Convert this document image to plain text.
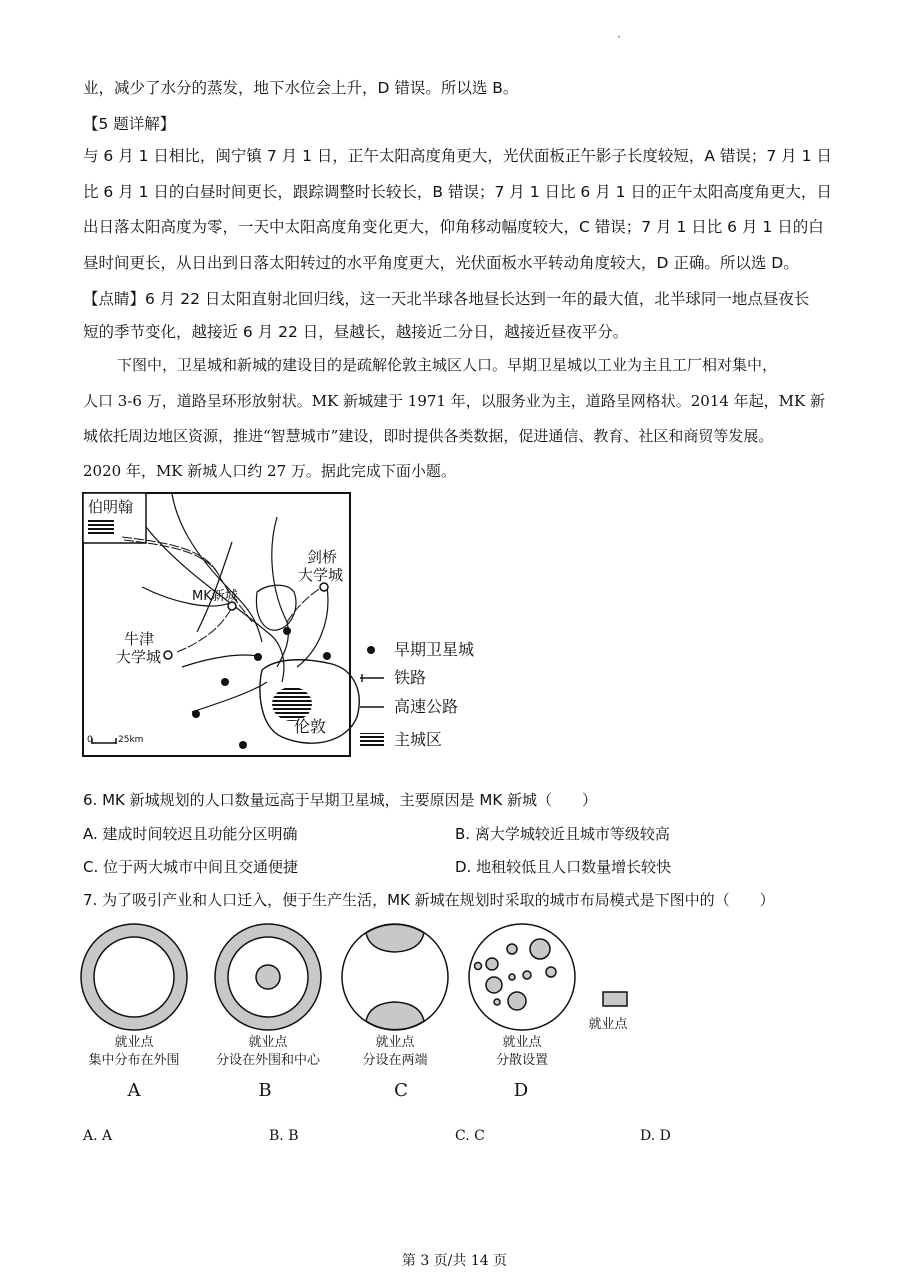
·
业，减少了水分的蒸发，地下水位会上升，D 错误。所以选 B。
【5 题详解】
与 6 月 1 日相比，闽宁镇 7 月 1 日，正午太阳高度角更大，光伏面板正午影子长度较短，A 错误；7 月 1 日
比 6 月 1 日的白昼时间更长，跟踪调整时长较长，B 错误；7 月 1 日比 6 月 1 日的正午太阳高度角更大，日
出日落太阳高度为零，一天中太阳高度角变化更大，仰角移动幅度较大，C 错误；7 月 1 日比 6 月 1 日的白
昼时间更长，从日出到日落太阳转过的水平角度更大，光伏面板水平转动角度较大，D 正确。所以选 D。
【点睛】6 月 22 日太阳直射北回归线，这一天北半球各地昼长达到一年的最大值，北半球同一地点昼夜长
短的季节变化，越接近 6 月 22 日，昼越长，越接近二分日，越接近昼夜平分。
下图中，卫星城和新城的建设目的是疏解伦敦主城区人口。早期卫星城以工业为主且工厂相对集中，
人口 3-6 万，道路呈环形放射状。MK 新城建于 1971 年，以服务业为主，道路呈网格状。2014 年起，MK 新
城依托周边地区资源，推进“智慧城市”建设，即时提供各类数据，促进通信、教育、社区和商贸等发展。
2020 年，MK 新城人口约 27 万。据此完成下面小题。
伯明翰
MK新城
剑桥
大学城
牛津
大学城
伦敦
0	25km
早期卫星城
铁路
高速公路
主城区
6. MK 新城规划的人口数量远高于早期卫星城，主要原因是 MK 新城（　　）
A. 建成时间较迟且功能分区明确	B. 离大学城较近且城市等级较高
C. 位于两大城市中间且交通便捷	D. 地租较低且人口数量增长较快
7. 为了吸引产业和人口迁入，便于生产生活，MK 新城在规划时采取的城市布局模式是下图中的（　　）
就业点
集中分布在外围
就业点
分设在外围和中心
就业点
分设在两端
就业点
分散设置
就业点
A	B	C	D
A. A	B. B	C. C	D. D
第 3 页/共 14 页
